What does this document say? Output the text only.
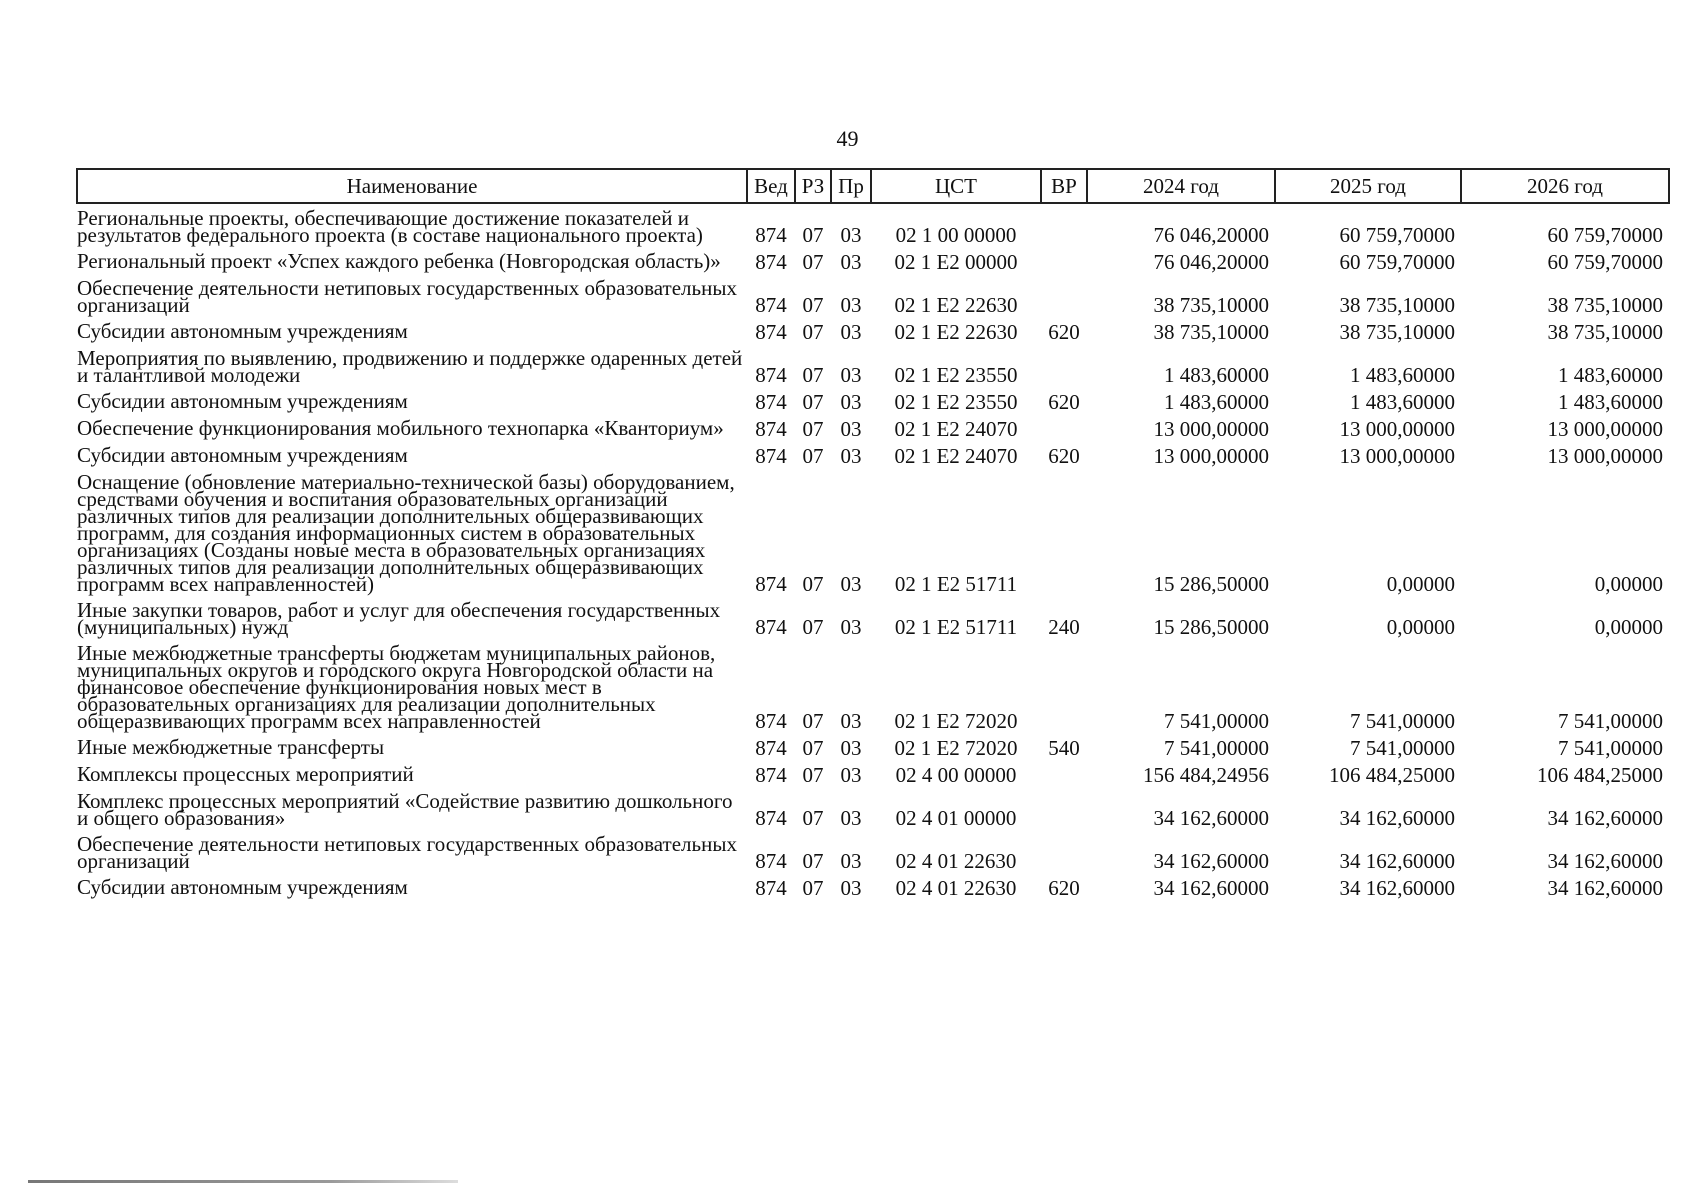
49
Наименование	Вед	РЗ	Пр	ЦСТ	ВР	2024 год	2025 год	2026 год
Региональные проекты, обеспечивающие достижение показателей и результатов федерального проекта (в составе национального проекта)	874	07	03	02 1 00 00000		76 046,20000	60 759,70000	60 759,70000
Региональный проект «Успех каждого ребенка (Новгородская область)»	874	07	03	02 1 E2 00000		76 046,20000	60 759,70000	60 759,70000
Обеспечение деятельности нетиповых государственных образовательных организаций	874	07	03	02 1 E2 22630		38 735,10000	38 735,10000	38 735,10000
Субсидии автономным учреждениям	874	07	03	02 1 E2 22630	620	38 735,10000	38 735,10000	38 735,10000
Мероприятия по выявлению, продвижению и поддержке одаренных детей и талантливой молодежи	874	07	03	02 1 E2 23550		1 483,60000	1 483,60000	1 483,60000
Субсидии автономным учреждениям	874	07	03	02 1 E2 23550	620	1 483,60000	1 483,60000	1 483,60000
Обеспечение функционирования мобильного технопарка «Кванториум»	874	07	03	02 1 E2 24070		13 000,00000	13 000,00000	13 000,00000
Субсидии автономным учреждениям	874	07	03	02 1 E2 24070	620	13 000,00000	13 000,00000	13 000,00000
Оснащение (обновление материально-технической базы) оборудованием, средствами обучения и воспитания образовательных организаций различных типов для реализации дополнительных общеразвивающих программ, для создания информационных систем в образовательных организациях (Созданы новые места в образовательных организациях различных типов для реализации дополнительных общеразвивающих программ всех направленностей)	874	07	03	02 1 E2 51711		15 286,50000	0,00000	0,00000
Иные закупки товаров, работ и услуг для обеспечения государственных (муниципальных) нужд	874	07	03	02 1 E2 51711	240	15 286,50000	0,00000	0,00000
Иные межбюджетные трансферты бюджетам муниципальных районов, муниципальных округов и городского округа Новгородской области на финансовое обеспечение функционирования новых мест в образовательных организациях для реализации дополнительных общеразвивающих программ всех направленностей	874	07	03	02 1 E2 72020		7 541,00000	7 541,00000	7 541,00000
Иные межбюджетные трансферты	874	07	03	02 1 E2 72020	540	7 541,00000	7 541,00000	7 541,00000
Комплексы процессных мероприятий	874	07	03	02 4 00 00000		156 484,24956	106 484,25000	106 484,25000
Комплекс процессных мероприятий «Содействие развитию дошкольного и общего образования»	874	07	03	02 4 01 00000		34 162,60000	34 162,60000	34 162,60000
Обеспечение деятельности нетиповых государственных образовательных организаций	874	07	03	02 4 01 22630		34 162,60000	34 162,60000	34 162,60000
Субсидии автономным учреждениям	874	07	03	02 4 01 22630	620	34 162,60000	34 162,60000	34 162,60000
